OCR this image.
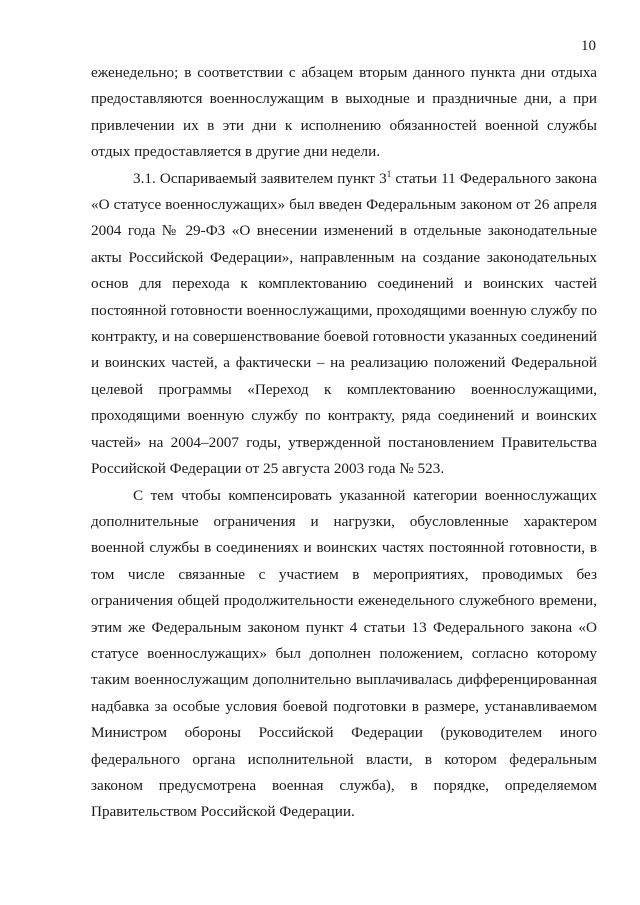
10

еженедельно; в соответствии с абзацем вторым данного пункта дни отдыха предоставляются военнослужащим в выходные и праздничные дни, а при привлечении их в эти дни к исполнению обязанностей военной службы отдых предоставляется в другие дни недели.

3.1. Оспариваемый заявителем пункт $3^1$ статьи 11 Федерального закона «О статусе военнослужащих» был введен Федеральным законом от 26 апреля 2004 года № 29-ФЗ «О внесении изменений в отдельные законодательные акты Российской Федерации», направленным на создание законодательных основ для перехода к комплектованию соединений и воинских частей постоянной готовности военнослужащими, проходящими военную службу по контракту, и на совершенствование боевой готовности указанных соединений и воинских частей, а фактически – на реализацию положений Федеральной целевой программы «Переход к комплектованию военнослужащими, проходящими военную службу по контракту, ряда соединений и воинских частей» на 2004–2007 годы, утвержденной постановлением Правительства Российской Федерации от 25 августа 2003 года № 523.

С тем чтобы компенсировать указанной категории военнослужащих дополнительные ограничения и нагрузки, обусловленные характером военной службы в соединениях и воинских частях постоянной готовности, в том числе связанные с участием в мероприятиях, проводимых без ограничения общей продолжительности еженедельного служебного времени, этим же Федеральным законом пункт 4 статьи 13 Федерального закона «О статусе военнослужащих» был дополнен положением, согласно которому таким военнослужащим дополнительно выплачивалась дифференцированная надбавка за особые условия боевой подготовки в размере, устанавливаемом Министром обороны Российской Федерации (руководителем иного федерального органа исполнительной власти, в котором федеральным законом предусмотрена военная служба), в порядке, определяемом Правительством Российской Федерации.
